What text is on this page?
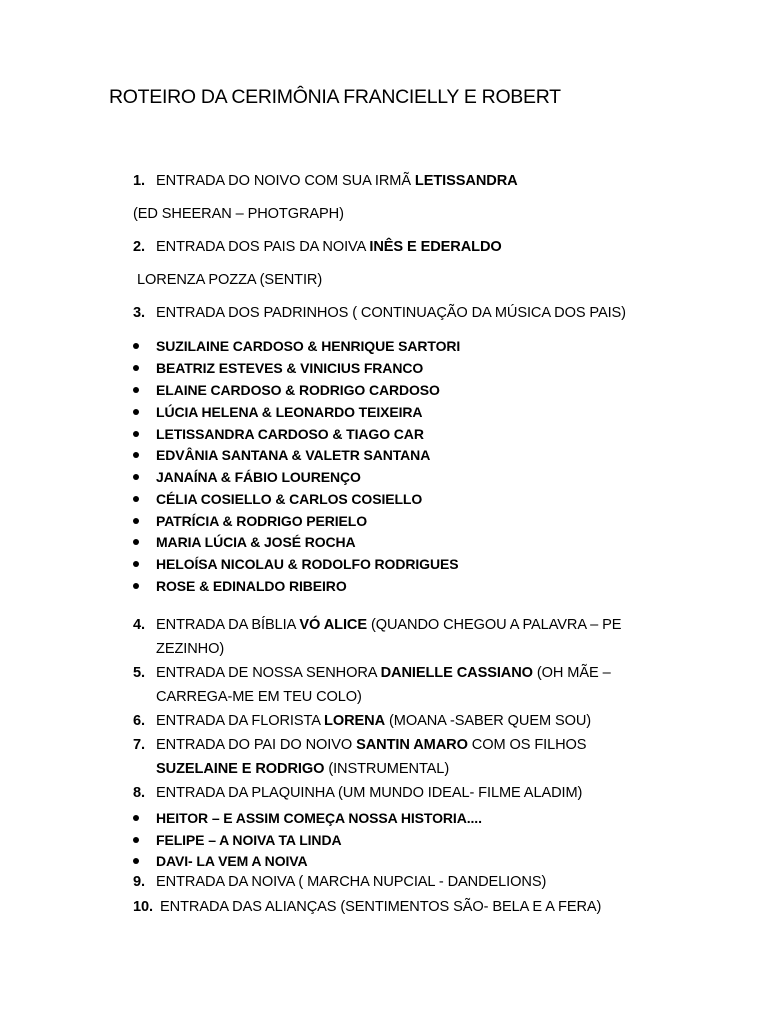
ROTEIRO DA CERIMÔNIA FRANCIELLY E ROBERT
1. ENTRADA DO NOIVO COM SUA IRMÃ LETISSANDRA
(ED SHEERAN – PHOTGRAPH)
2. ENTRADA DOS PAIS DA NOIVA INÊS E EDERALDO
LORENZA POZZA (SENTIR)
3. ENTRADA DOS PADRINHOS ( CONTINUAÇÃO DA MÚSICA DOS PAIS)
SUZILAINE CARDOSO & HENRIQUE SARTORI
BEATRIZ ESTEVES & VINICIUS FRANCO
ELAINE CARDOSO & RODRIGO CARDOSO
LÚCIA HELENA & LEONARDO TEIXEIRA
LETISSANDRA CARDOSO & TIAGO CAR
EDVÂNIA SANTANA & VALETR SANTANA
JANAÍNA & FÁBIO LOURENÇO
CÉLIA COSIELLO & CARLOS COSIELLO
PATRÍCIA & RODRIGO PERIELO
MARIA LÚCIA & JOSÉ ROCHA
HELOÍSA NICOLAU & RODOLFO RODRIGUES
ROSE & EDINALDO RIBEIRO
4. ENTRADA DA BÍBLIA VÓ ALICE (QUANDO CHEGOU A PALAVRA – PE
ZEZINHO)
5. ENTRADA DE NOSSA SENHORA DANIELLE CASSIANO (OH MÃE –
CARREGA-ME EM TEU COLO)
6. ENTRADA DA FLORISTA LORENA (MOANA -SABER QUEM SOU)
7. ENTRADA DO PAI DO NOIVO SANTIN AMARO COM OS FILHOS
SUZELAINE E RODRIGO (INSTRUMENTAL)
8. ENTRADA DA PLAQUINHA (UM MUNDO IDEAL- FILME ALADIM)
HEITOR – E ASSIM COMEÇA NOSSA HISTORIA....
FELIPE – A NOIVA TA LINDA
DAVI- LA VEM A NOIVA
9. ENTRADA DA NOIVA ( MARCHA NUPCIAL - DANDELIONS)
10. ENTRADA DAS ALIANÇAS (SENTIMENTOS SÃO- BELA E A FERA)
